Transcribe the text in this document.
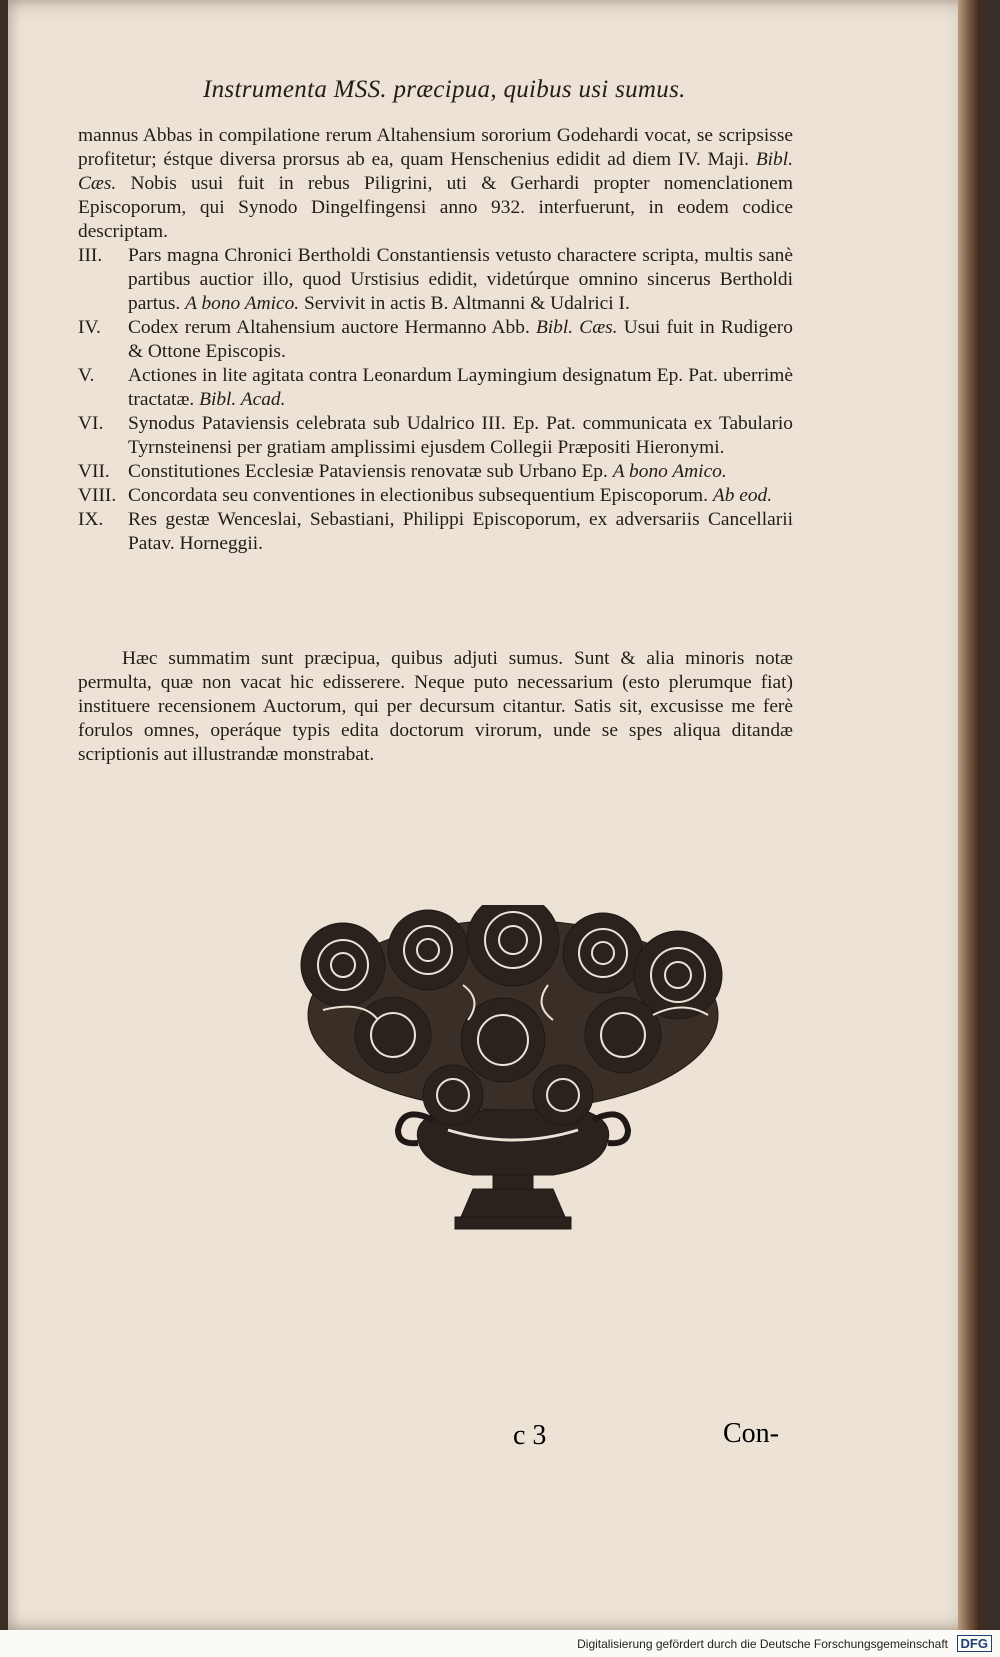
Instrumenta MSS. præcipua, quibus usi sumus.
mannus Abbas in compilatione rerum Altahensium sororium Godehardi vocat, se scripsisse profitetur; éstque diversa prorsus ab ea, quam Henschenius edidit ad diem IV. Maji. Bibl. Cæs. Nobis usui fuit in rebus Piligrini, uti & Gerhardi propter nomenclationem Episcoporum, qui Synodo Dingelfingensi anno 932. interfuerunt, in eodem codice descriptam.
III.	Pars magna Chronici Bertholdi Constantiensis vetusto charactere scripta, multis sanè partibus auctior illo, quod Urstisius edidit, videtúrque omnino sincerus Bertholdi partus. A bono Amico. Servivit in actis B. Altmanni & Udalrici I.
IV.	Codex rerum Altahensium auctore Hermanno Abb. Bibl. Cæs. Usui fuit in Rudigero & Ottone Episcopis.
V.	Actiones in lite agitata contra Leonardum Laymingium designatum Ep. Pat. uberrimè tractatæ. Bibl. Acad.
VI.	Synodus Pataviensis celebrata sub Udalrico III. Ep. Pat. communicata ex Tabulario Tyrnsteinensi per gratiam amplissimi ejusdem Collegii Præpositi Hieronymi.
VII. Constitutiones Ecclesiæ Pataviensis renovatæ sub Urbano Ep. A bono Amico.
VIII. Concordata seu conventiones in electionibus subsequentium Episcoporum. Ab eod.
IX.	Res gestæ Wenceslai, Sebastiani, Philippi Episcoporum, ex adversariis Cancellarii Patav. Horneggii.
Hæc summatim sunt præcipua, quibus adjuti sumus. Sunt & alia minoris notæ permulta, quæ non vacat hic edisserere. Neque puto necessarium (esto plerumque fiat) instituere recensionem Auctorum, qui per decursum citantur. Satis sit, excusisse me ferè forulos omnes, operáque typis edita doctorum virorum, unde se spes aliqua ditandæ scriptionis aut illustrandæ monstrabat.
c 3	Con-
Digitalisierung gefördert durch die Deutsche Forschungsgemeinschaft DFG
